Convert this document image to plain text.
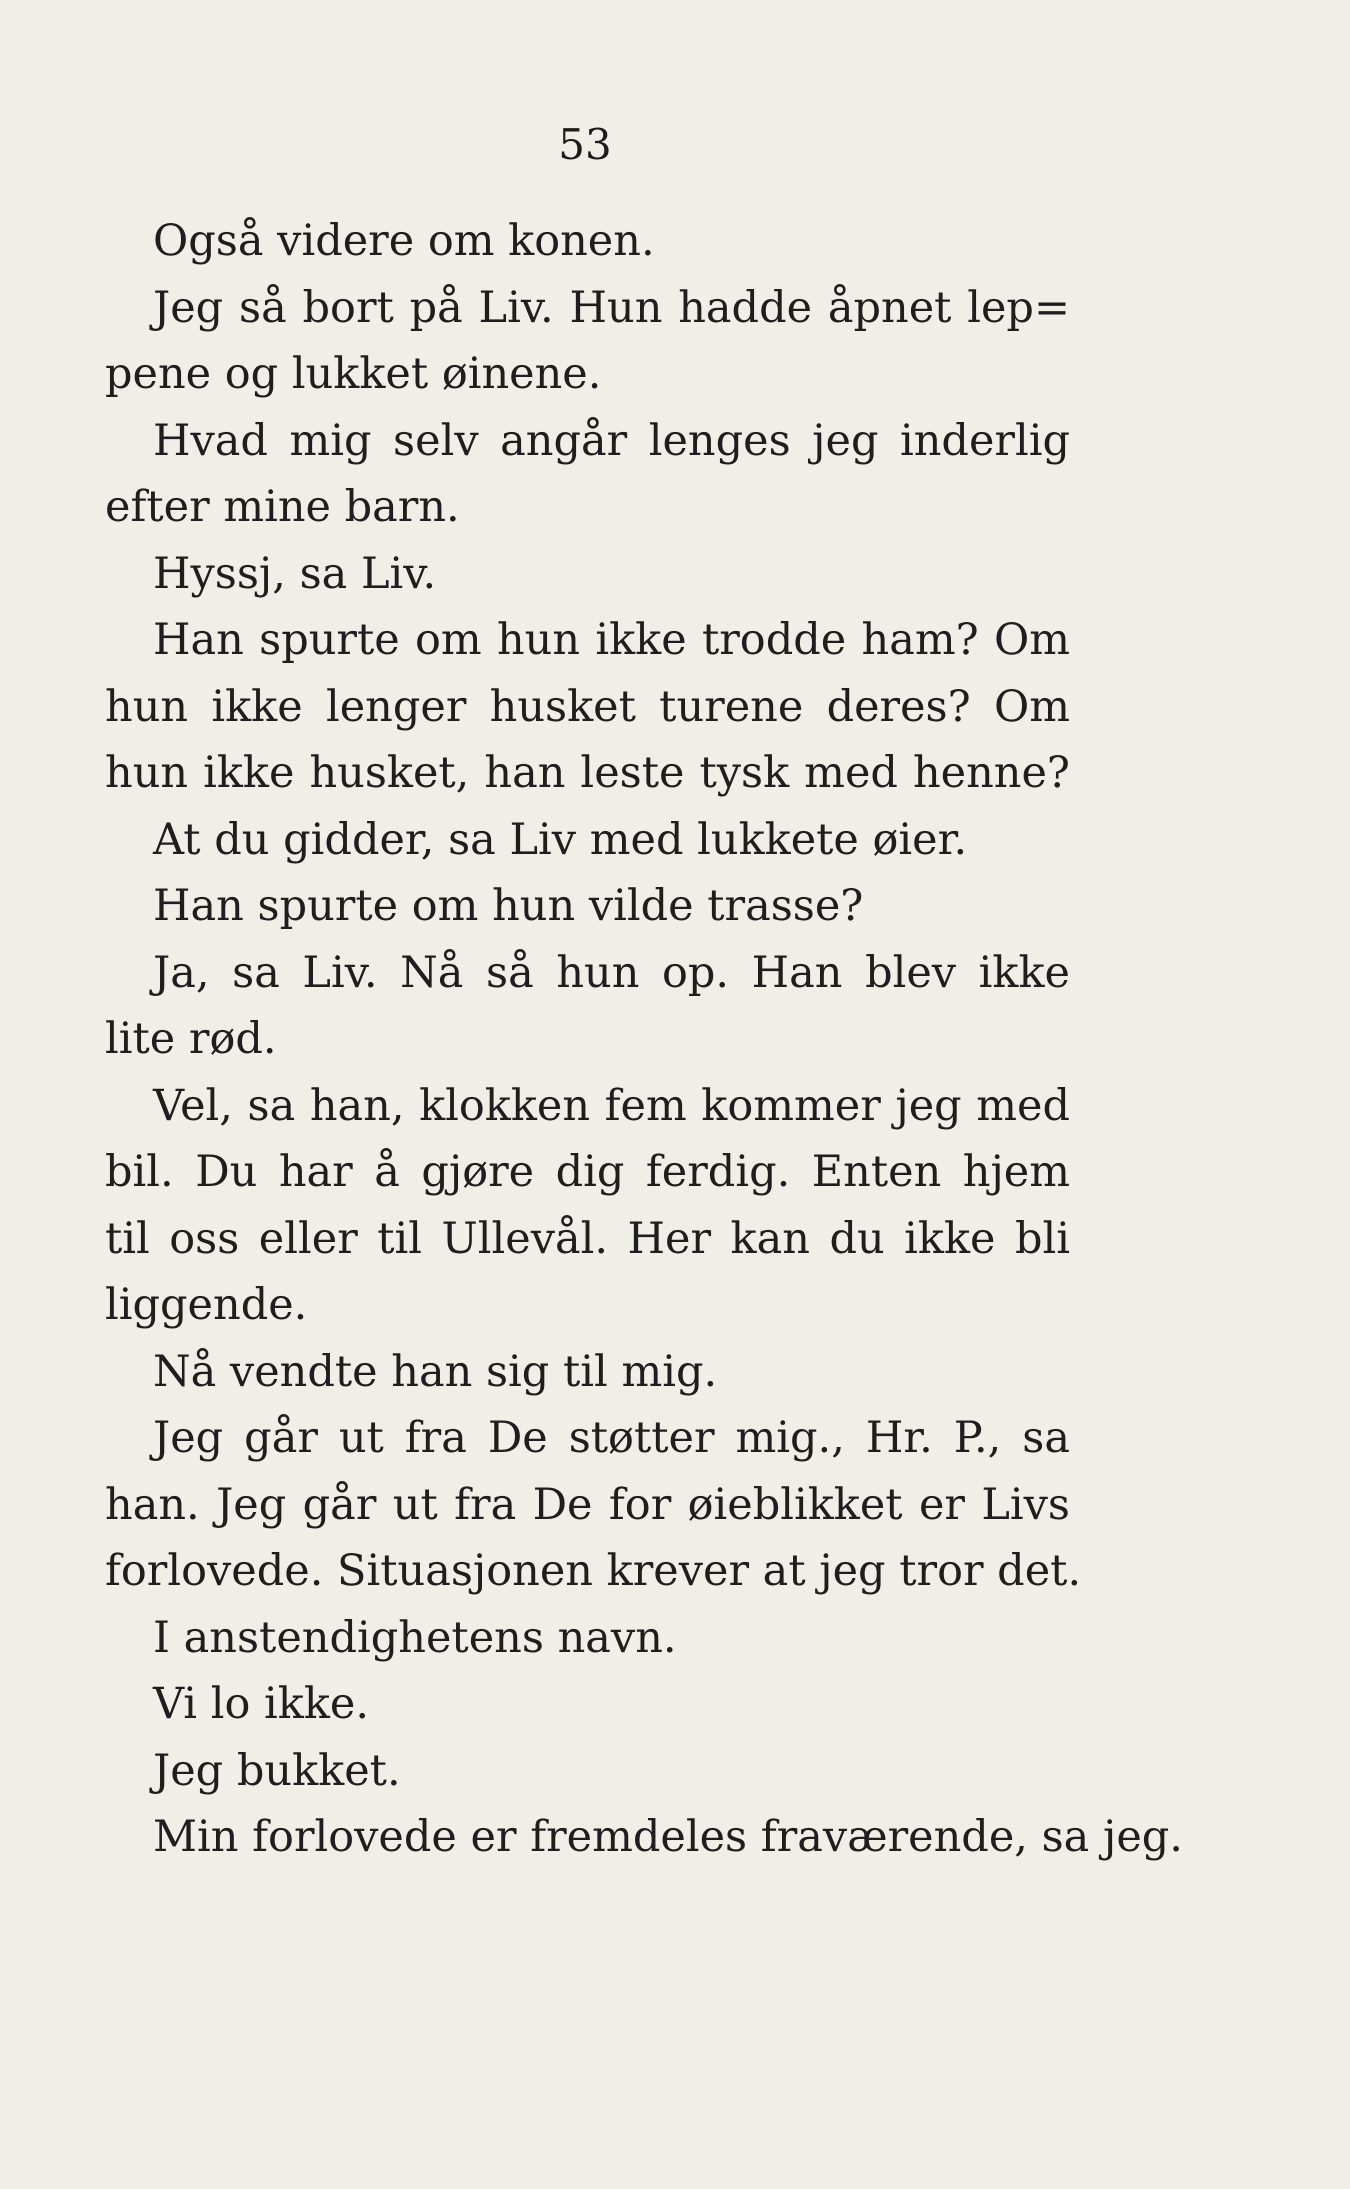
53
Også videre om konen.
Jeg så bort på Liv. Hun hadde åpnet lep=
pene og lukket øinene.
Hvad mig selv angår lenges jeg inderlig
efter mine barn.
Hyssj, sa Liv.
Han spurte om hun ikke trodde ham? Om
hun ikke lenger husket turene deres? Om
hun ikke husket, han leste tysk med henne?
At du gidder, sa Liv med lukkete øier.
Han spurte om hun vilde trasse?
Ja, sa Liv. Nå så hun op. Han blev ikke
lite rød.
Vel, sa han, klokken fem kommer jeg med
bil. Du har å gjøre dig ferdig. Enten hjem
til oss eller til Ullevål. Her kan du ikke bli
liggende.
Nå vendte han sig til mig.
Jeg går ut fra De støtter mig., Hr. P., sa
han. Jeg går ut fra De for øieblikket er Livs
forlovede. Situasjonen krever at jeg tror det.
I anstendighetens navn.
Vi lo ikke.
Jeg bukket.
Min forlovede er fremdeles fraværende, sa jeg.
